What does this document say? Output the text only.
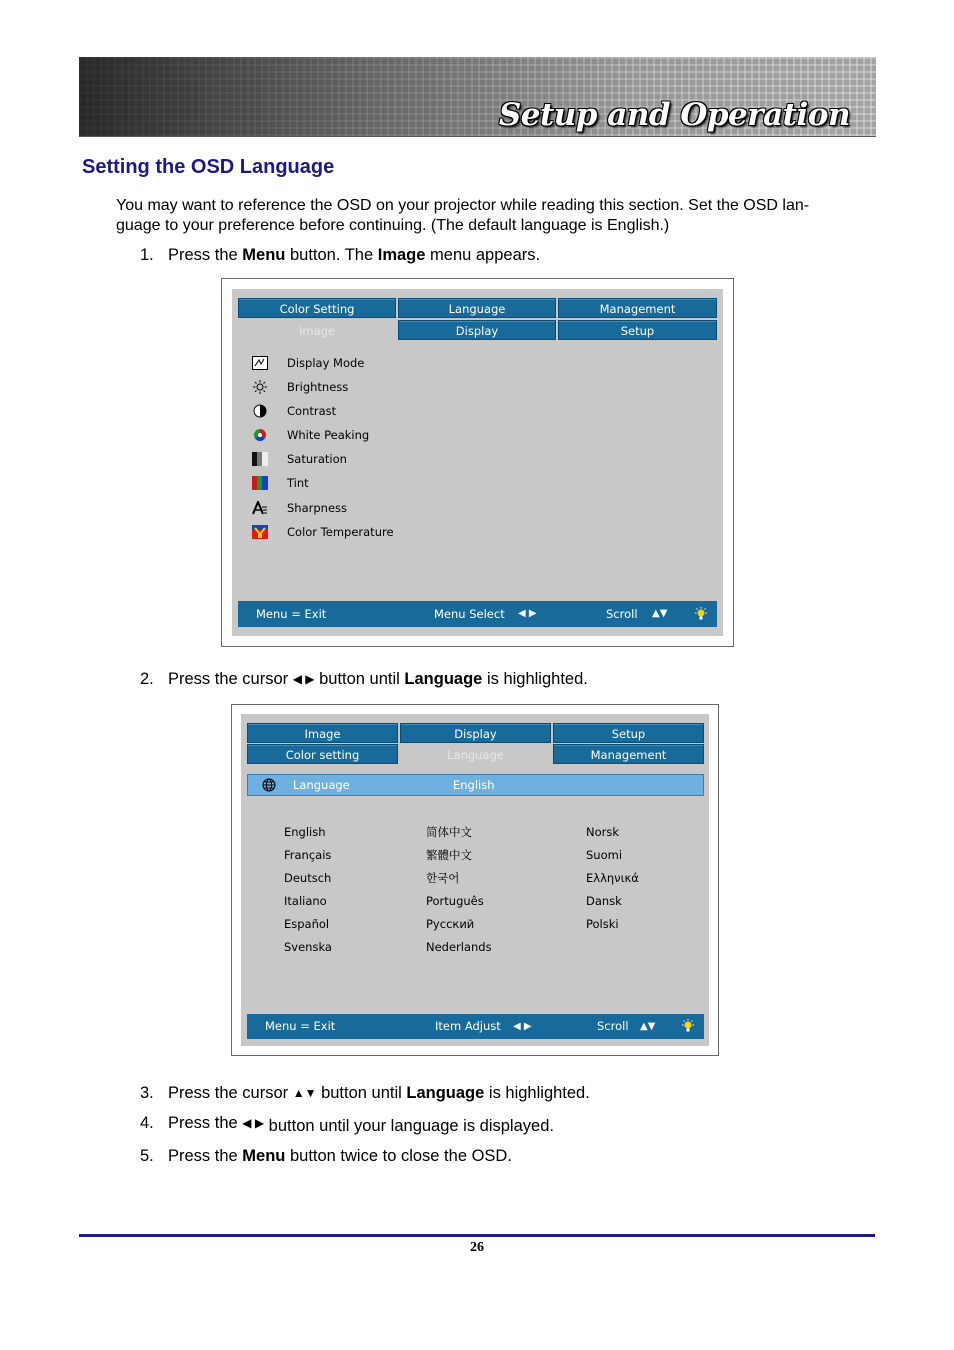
Setup and Operation
Setting the OSD Language
You may want to reference the OSD on your projector while reading this section. Set the OSD lan-
guage to your preference before continuing. (The default language is English.)
1. Press the Menu button. The Image menu appears.
Color Setting	Language	Management
Image	Display	Setup
Display Mode
Brightness
Contrast
White Peaking
Saturation
Tint
Sharpness
Color Temperature
Menu = Exit	Menu Select ◀ ▶	Scroll ▲▼
2. Press the cursor ◀ ▶ button until Language is highlighted.
Image	Display	Setup
Color setting	Language	Management
Language	English
English	简体中文	Norsk
Français	繁體中文	Suomi
Deutsch	한국어	Ελληνικά
Italiano	Português	Dansk
Español	Русский	Polski
Svenska	Nederlands
Menu = Exit	Item Adjust ◀ ▶	Scroll ▲▼
3. Press the cursor ▲▼ button until Language is highlighted.
4. Press the ◀ ▶ button until your language is displayed.
5. Press the Menu button twice to close the OSD.
26
